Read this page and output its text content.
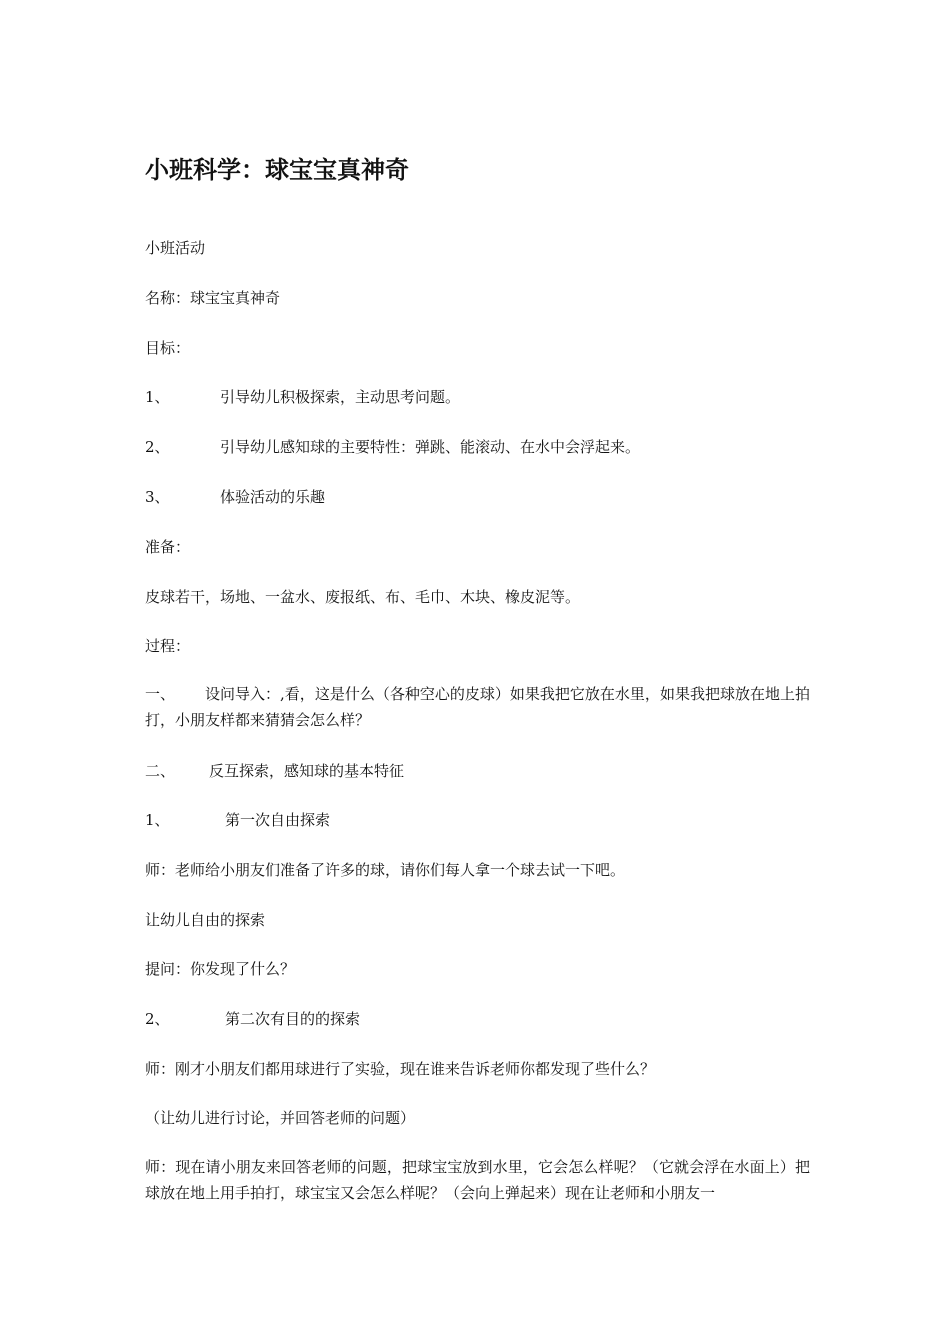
小班科学：球宝宝真神奇

小班活动

名称：球宝宝真神奇

目标：

1、	引导幼儿积极探索，主动思考问题。

2、	引导幼儿感知球的主要特性：弹跳、能滚动、在水中会浮起来。

3、	体验活动的乐趣

准备：

皮球若干，场地、一盆水、废报纸、布、毛巾、木块、橡皮泥等。

过程：

一、 设问导入：,看，这是什么（各种空心的皮球）如果我把它放在水里，如果我把球放在地上拍打，小朋友样都来猜猜会怎么样？

二、 反互探索，感知球的基本特征

1、	第一次自由探索

师：老师给小朋友们准备了许多的球，请你们每人拿一个球去试一下吧。

让幼儿自由的探索

提问：你发现了什么？

2、	第二次有目的的探索

师：刚才小朋友们都用球进行了实验，现在谁来告诉老师你都发现了些什么？

（让幼儿进行讨论，并回答老师的问题）

师：现在请小朋友来回答老师的问题，把球宝宝放到水里，它会怎么样呢？（它就会浮在水面上）把球放在地上用手拍打，球宝宝又会怎么样呢？（会向上弹起来）现在让老师和小朋友一
